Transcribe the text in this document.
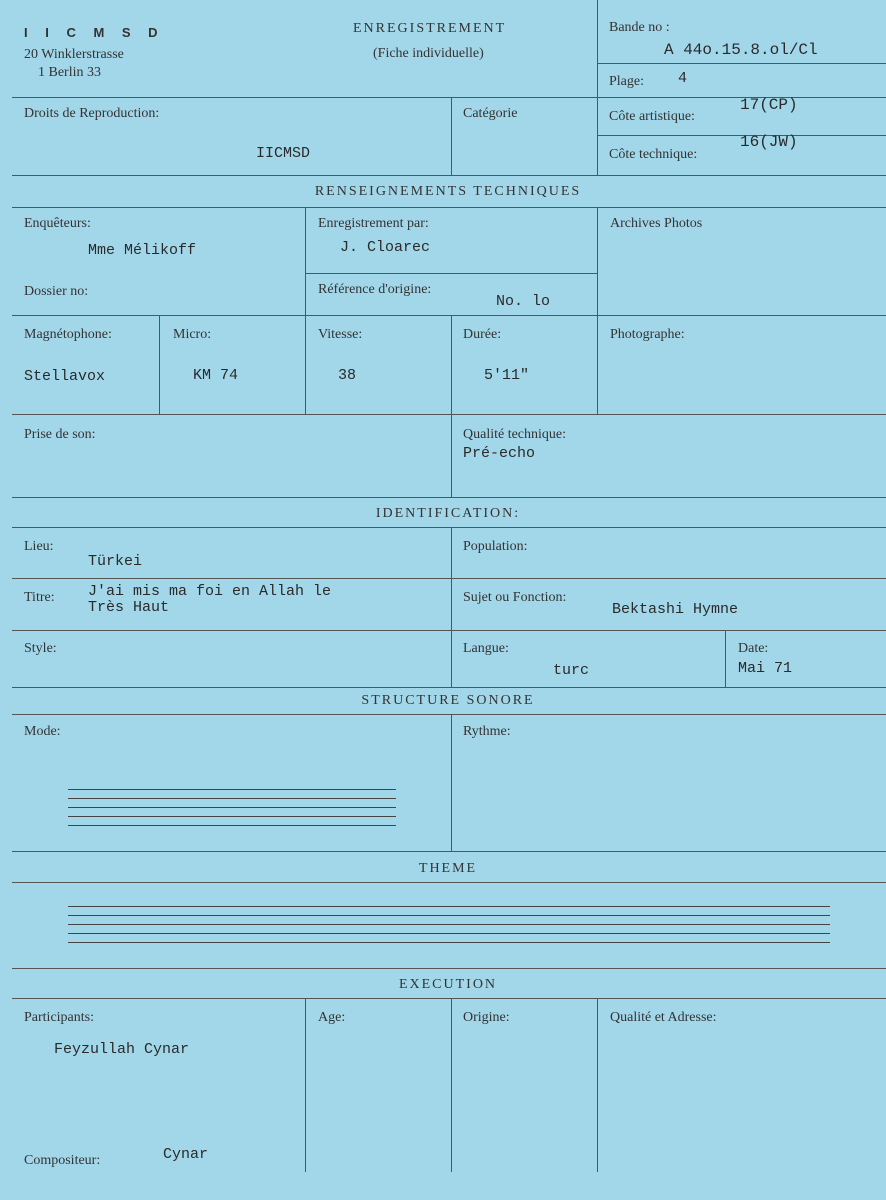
I I C M S D
20 Winklerstrasse
1 Berlin 33
ENREGISTREMENT
(Fiche individuelle)
Bande no :
A 44o.15.8.ol/Cl
Plage: 4
Droits de Reproduction:
IICMSD
Catégorie	Côte artistique:
17(CP)
Côte technique:
16(JW)
RENSEIGNEMENTS TECHNIQUES
Enquêteurs:
Mme Mélikoff
Enregistrement par:
J. Cloarec
Archives Photos
Dossier no:	Référence d'origine:
No. lo
Magnétophone:
Stellavox
Micro:
KM 74
Vitesse:
38
Durée:
5'11"
Photographe:
Prise de son:	Qualité technique:
Pré-echo
IDENTIFICATION:
Lieu:
Türkei
Population:
Titre: J'ai mis ma foi en Allah le
Très Haut
Sujet ou Fonction:
Bektashi Hymne
Style:	Langue:
turc
Date:
Mai 71
STRUCTURE SONORE
Mode:	Rythme:
THEME
EXECUTION
Participants:
Feyzullah Cynar
Age:	Origine:	Qualité et Adresse:
Compositeur:	Cynar
